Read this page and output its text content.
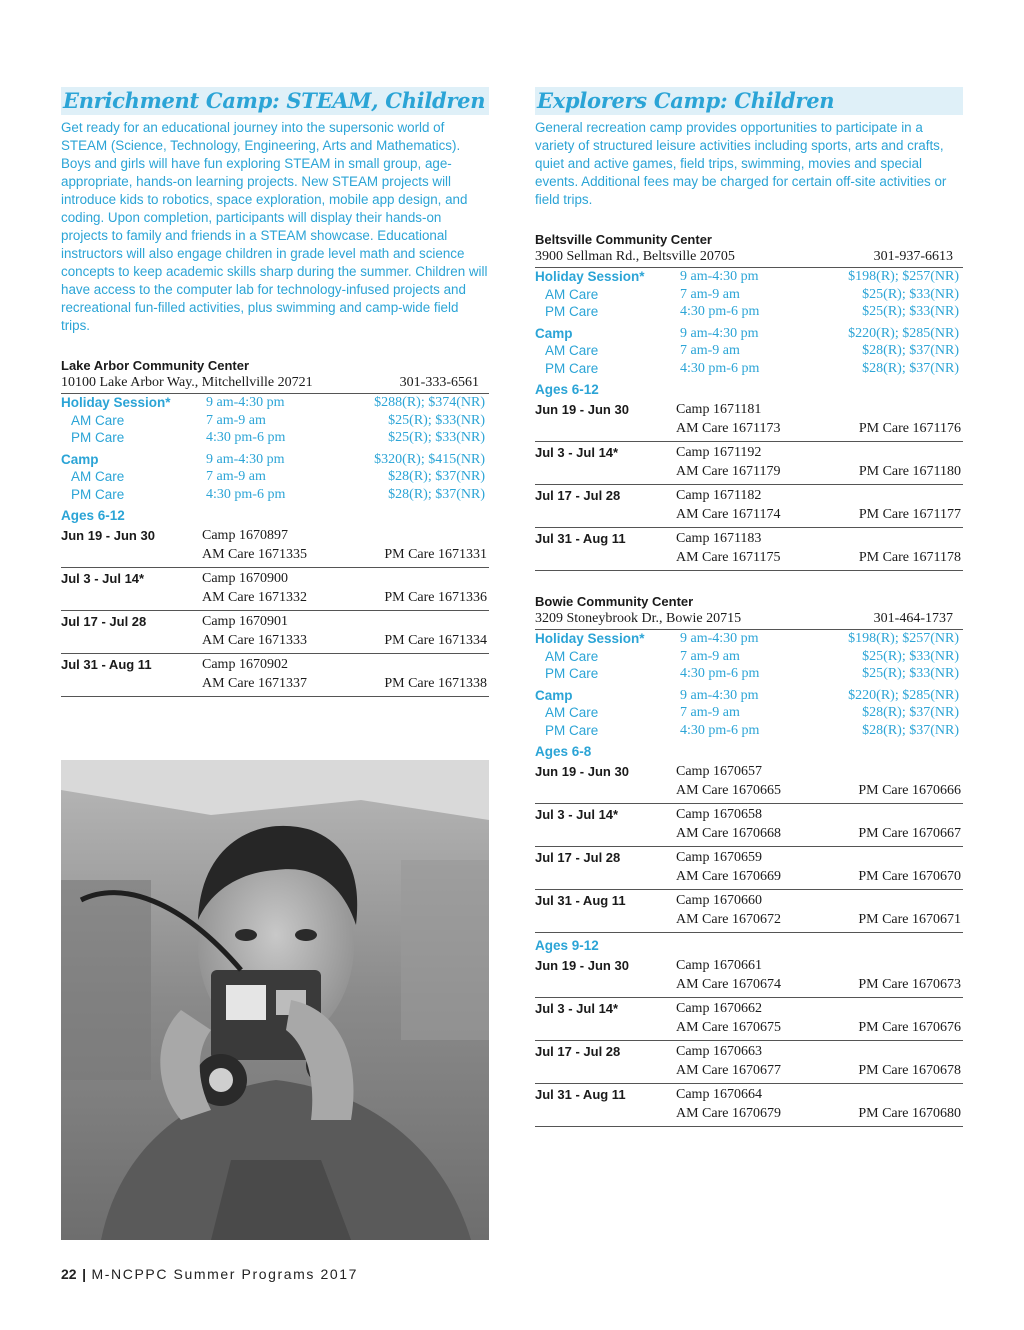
Enrichment Camp: STEAM, Children

Get ready for an educational journey into the supersonic world of STEAM (Science, Technology, Engineering, Arts and Mathematics). Boys and girls will have fun exploring STEAM in small group, age-appropriate, hands-on learning projects. New STEAM projects will introduce kids to robotics, space exploration, mobile app design, and coding. Upon completion, participants will display their hands-on projects to family and friends in a STEAM showcase. Educational instructors will also engage children in grade level math and science concepts to keep academic skills sharp during the summer. Children will have access to the computer lab for technology-infused projects and recreational fun-filled activities, plus swimming and camp-wide field trips.

Lake Arbor Community Center
10100 Lake Arbor Way., Mitchellville 20721	301-333-6561
Holiday Session*	9 am-4:30 pm	$288(R); $374(NR)
AM Care	7 am-9 am	$25(R); $33(NR)
PM Care	4:30 pm-6 pm	$25(R); $33(NR)
Camp	9 am-4:30 pm	$320(R); $415(NR)
AM Care	7 am-9 am	$28(R); $37(NR)
PM Care	4:30 pm-6 pm	$28(R); $37(NR)
Ages 6-12
Jun 19 - Jun 30	Camp 1670897
AM Care 1671335	PM Care 1671331
Jul 3 - Jul 14*	Camp 1670900
AM Care 1671332	PM Care 1671336
Jul 17 - Jul 28	Camp 1670901
AM Care 1671333	PM Care 1671334
Jul 31 - Aug 11	Camp 1670902
AM Care 1671337	PM Care 1671338
Explorers Camp: Children

General recreation camp provides opportunities to participate in a variety of structured leisure activities including sports, arts and crafts, quiet and active games, field trips, swimming, movies and special events. Additional fees may be charged for certain off-site activities or field trips.

Beltsville Community Center
3900 Sellman Rd., Beltsville 20705	301-937-6613
Holiday Session*	9 am-4:30 pm	$198(R); $257(NR)
AM Care	7 am-9 am	$25(R); $33(NR)
PM Care	4:30 pm-6 pm	$25(R); $33(NR)
Camp	9 am-4:30 pm	$220(R); $285(NR)
AM Care	7 am-9 am	$28(R); $37(NR)
PM Care	4:30 pm-6 pm	$28(R); $37(NR)
Ages 6-12
Jun 19 - Jun 30	Camp 1671181
AM Care 1671173	PM Care 1671176
Jul 3 - Jul 14*	Camp 1671192
AM Care 1671179	PM Care 1671180
Jul 17 - Jul 28	Camp 1671182
AM Care 1671174	PM Care 1671177
Jul 31 - Aug 11	Camp 1671183
AM Care 1671175	PM Care 1671178
Bowie Community Center
3209 Stoneybrook Dr., Bowie 20715	301-464-1737
Holiday Session*	9 am-4:30 pm	$198(R); $257(NR)
AM Care	7 am-9 am	$25(R); $33(NR)
PM Care	4:30 pm-6 pm	$25(R); $33(NR)
Camp	9 am-4:30 pm	$220(R); $285(NR)
AM Care	7 am-9 am	$28(R); $37(NR)
PM Care	4:30 pm-6 pm	$28(R); $37(NR)
Ages 6-8
Jun 19 - Jun 30	Camp 1670657
AM Care 1670665	PM Care 1670666
Jul 3 - Jul 14*	Camp 1670658
AM Care 1670668	PM Care 1670667
Jul 17 - Jul 28	Camp 1670659
AM Care 1670669	PM Care 1670670
Jul 31 - Aug 11	Camp 1670660
AM Care 1670672	PM Care 1670671
Ages 9-12
Jun 19 - Jun 30	Camp 1670661
AM Care 1670674	PM Care 1670673
Jul 3 - Jul 14*	Camp 1670662
AM Care 1670675	PM Care 1670676
Jul 17 - Jul 28	Camp 1670663
AM Care 1670677	PM Care 1670678
Jul 31 - Aug 11	Camp 1670664
AM Care 1670679	PM Care 1670680
22 | M-NCPPC Summer Programs 2017
